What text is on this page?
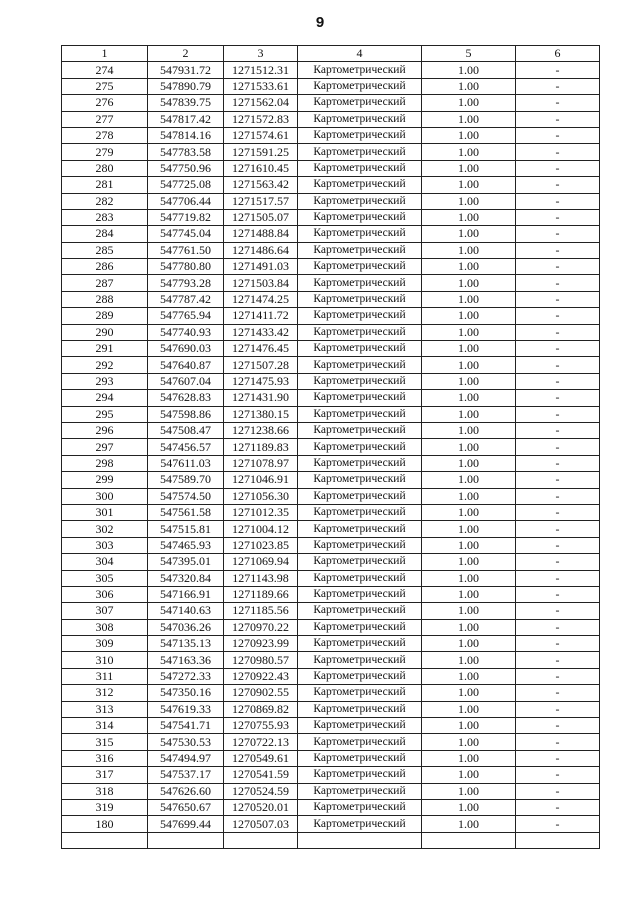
9
1	2	3	4	5	6
274	547931.72	1271512.31	Картометрический	1.00	-
275	547890.79	1271533.61	Картометрический	1.00	-
276	547839.75	1271562.04	Картометрический	1.00	-
277	547817.42	1271572.83	Картометрический	1.00	-
278	547814.16	1271574.61	Картометрический	1.00	-
279	547783.58	1271591.25	Картометрический	1.00	-
280	547750.96	1271610.45	Картометрический	1.00	-
281	547725.08	1271563.42	Картометрический	1.00	-
282	547706.44	1271517.57	Картометрический	1.00	-
283	547719.82	1271505.07	Картометрический	1.00	-
284	547745.04	1271488.84	Картометрический	1.00	-
285	547761.50	1271486.64	Картометрический	1.00	-
286	547780.80	1271491.03	Картометрический	1.00	-
287	547793.28	1271503.84	Картометрический	1.00	-
288	547787.42	1271474.25	Картометрический	1.00	-
289	547765.94	1271411.72	Картометрический	1.00	-
290	547740.93	1271433.42	Картометрический	1.00	-
291	547690.03	1271476.45	Картометрический	1.00	-
292	547640.87	1271507.28	Картометрический	1.00	-
293	547607.04	1271475.93	Картометрический	1.00	-
294	547628.83	1271431.90	Картометрический	1.00	-
295	547598.86	1271380.15	Картометрический	1.00	-
296	547508.47	1271238.66	Картометрический	1.00	-
297	547456.57	1271189.83	Картометрический	1.00	-
298	547611.03	1271078.97	Картометрический	1.00	-
299	547589.70	1271046.91	Картометрический	1.00	-
300	547574.50	1271056.30	Картометрический	1.00	-
301	547561.58	1271012.35	Картометрический	1.00	-
302	547515.81	1271004.12	Картометрический	1.00	-
303	547465.93	1271023.85	Картометрический	1.00	-
304	547395.01	1271069.94	Картометрический	1.00	-
305	547320.84	1271143.98	Картометрический	1.00	-
306	547166.91	1271189.66	Картометрический	1.00	-
307	547140.63	1271185.56	Картометрический	1.00	-
308	547036.26	1270970.22	Картометрический	1.00	-
309	547135.13	1270923.99	Картометрический	1.00	-
310	547163.36	1270980.57	Картометрический	1.00	-
311	547272.33	1270922.43	Картометрический	1.00	-
312	547350.16	1270902.55	Картометрический	1.00	-
313	547619.33	1270869.82	Картометрический	1.00	-
314	547541.71	1270755.93	Картометрический	1.00	-
315	547530.53	1270722.13	Картометрический	1.00	-
316	547494.97	1270549.61	Картометрический	1.00	-
317	547537.17	1270541.59	Картометрический	1.00	-
318	547626.60	1270524.59	Картометрический	1.00	-
319	547650.67	1270520.01	Картометрический	1.00	-
180	547699.44	1270507.03	Картометрический	1.00	-
